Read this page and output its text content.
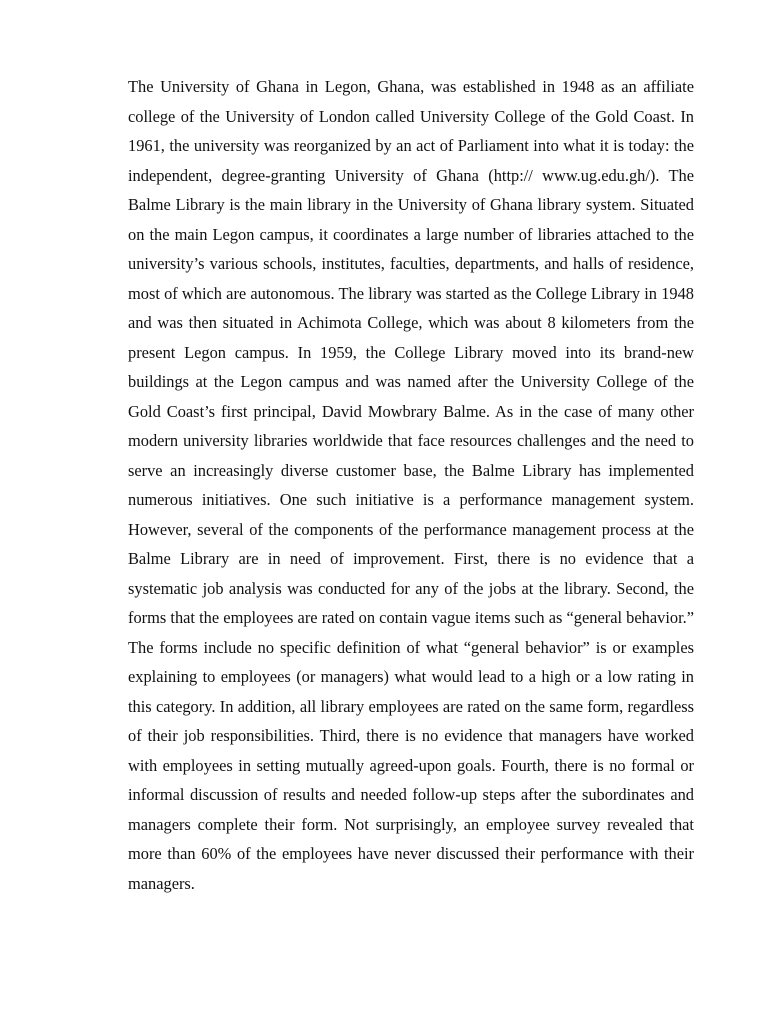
The University of Ghana in Legon, Ghana, was established in 1948 as an affiliate college of the University of London called University College of the Gold Coast. In 1961, the university was reorganized by an act of Parliament into what it is today: the independent, degree-granting University of Ghana (http:// www.ug.edu.gh/). The Balme Library is the main library in the University of Ghana library system. Situated on the main Legon campus, it coordinates a large number of libraries attached to the university’s various schools, institutes, faculties, departments, and halls of residence, most of which are autonomous. The library was started as the College Library in 1948 and was then situated in Achimota College, which was about 8 kilometers from the present Legon campus. In 1959, the College Library moved into its brand-new buildings at the Legon campus and was named after the University College of the Gold Coast’s first principal, David Mowbrary Balme. As in the case of many other modern university libraries worldwide that face resources challenges and the need to serve an increasingly diverse customer base, the Balme Library has implemented numerous initiatives. One such initiative is a performance management system. However, several of the components of the performance management process at the Balme Library are in need of improvement. First, there is no evidence that a systematic job analysis was conducted for any of the jobs at the library. Second, the forms that the employees are rated on contain vague items such as “general behavior.” The forms include no specific definition of what “general behavior” is or examples explaining to employees (or managers) what would lead to a high or a low rating in this category. In addition, all library employees are rated on the same form, regardless of their job responsibilities. Third, there is no evidence that managers have worked with employees in setting mutually agreed-upon goals. Fourth, there is no formal or informal discussion of results and needed follow-up steps after the subordinates and managers complete their form. Not surprisingly, an employee survey revealed that more than 60% of the employees have never discussed their performance with their managers.
